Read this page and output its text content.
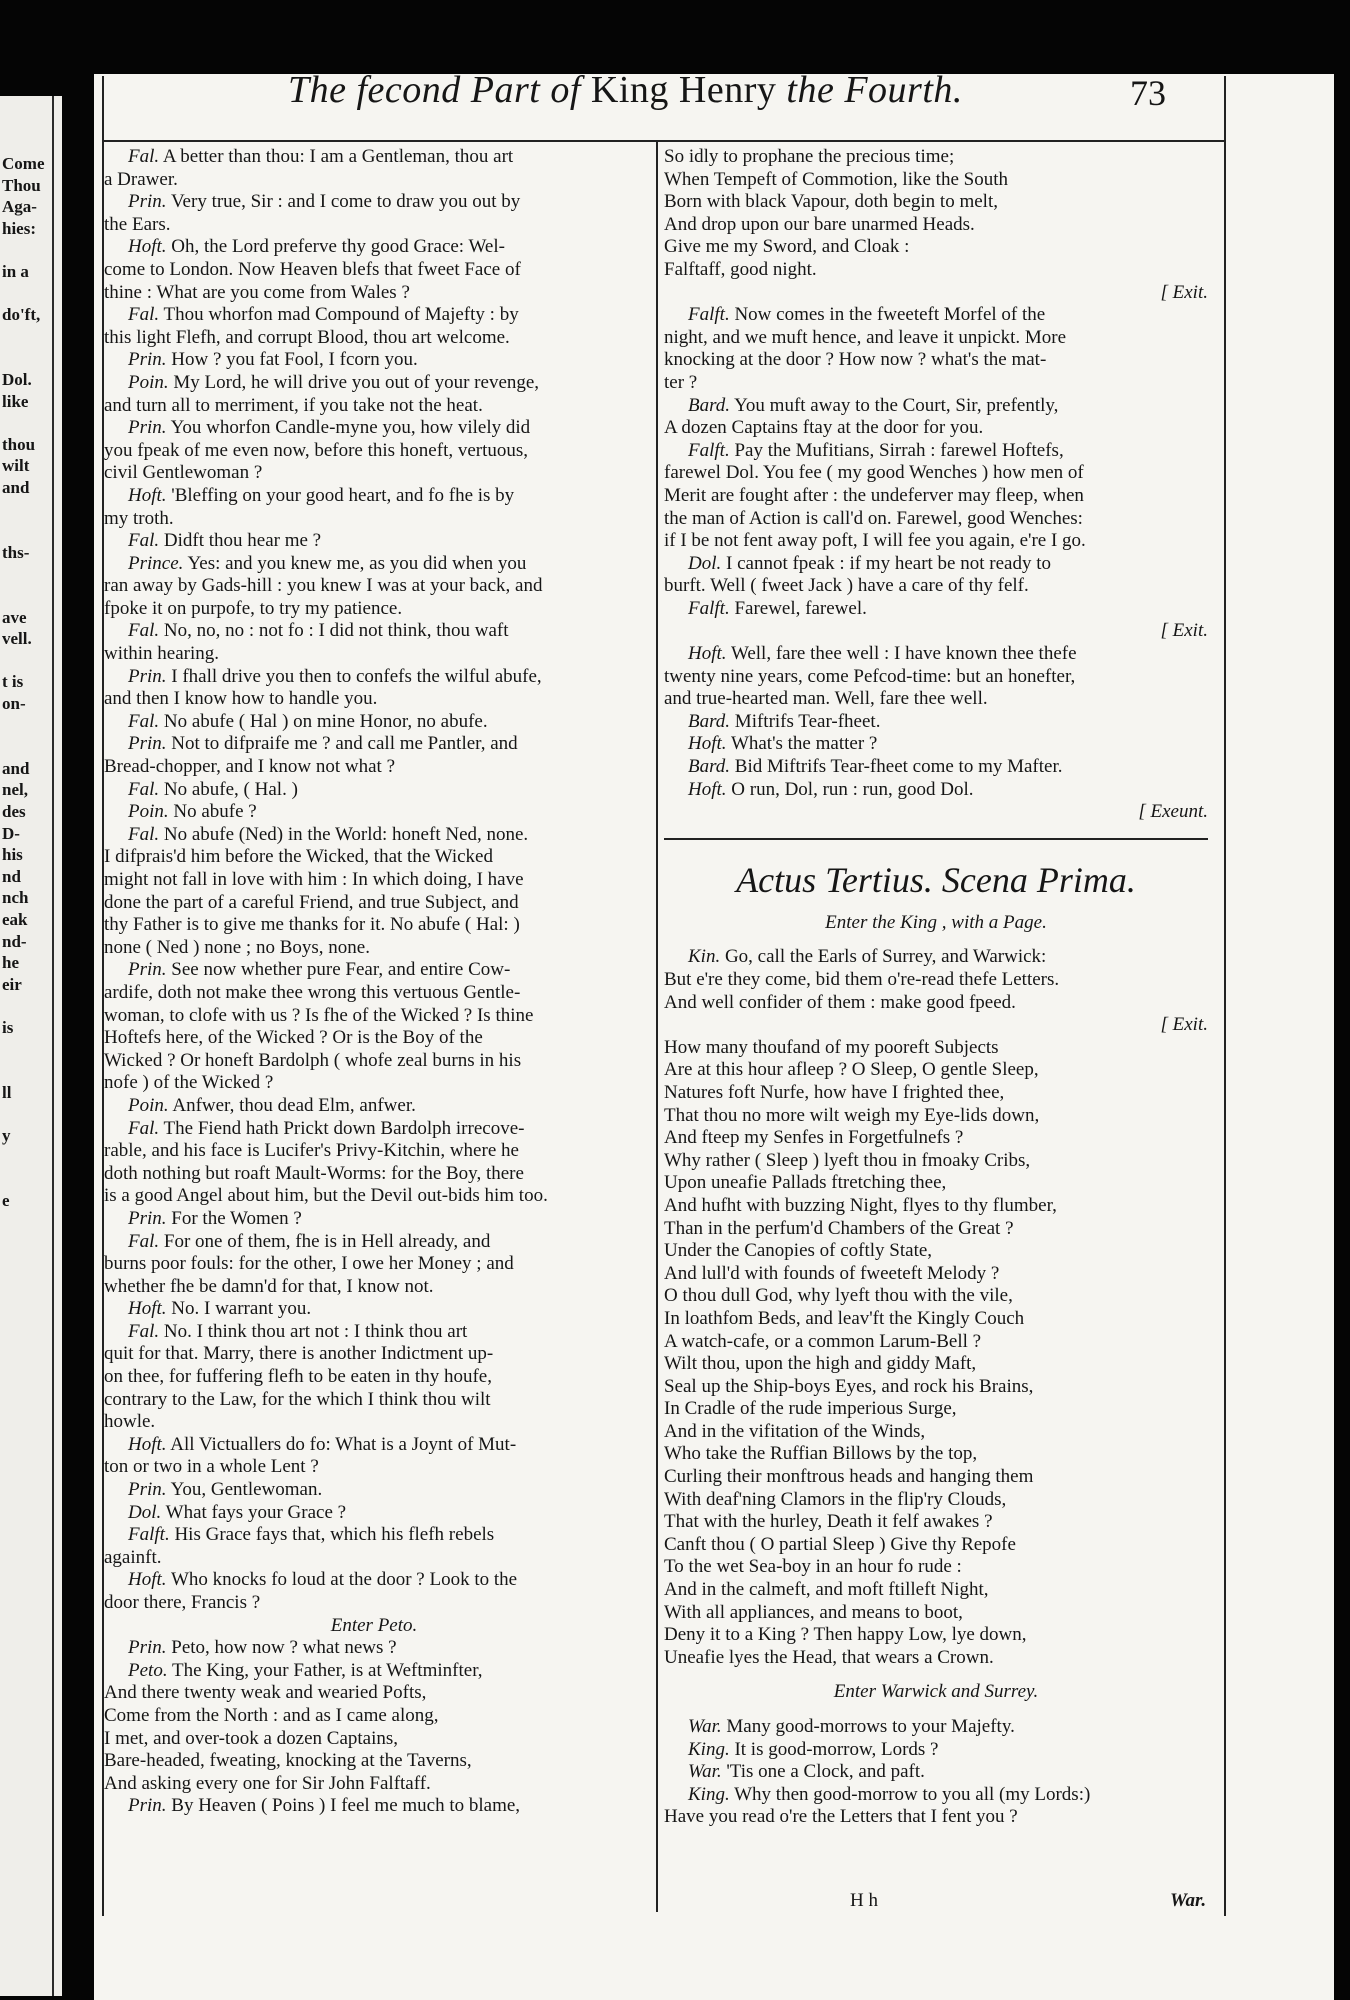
Come
Thou
Aga-
hies:
in a
do'ft,
Dol.
like
thou
wilt
and
ths-
ave
vell.
t is
on-
and
nel,
des
D-
his
nd
nch
eak
nd-
he
eir
is
ll
y
e
The fecond Part of King Henry the Fourth.	73
Fal. A better than thou: I am a Gentleman, thou art
a Drawer.
Prin. Very true, Sir : and I come to draw you out by
the Ears.
Hoft. Oh, the Lord preferve thy good Grace: Wel-
come to London. Now Heaven blefs that fweet Face of
thine : What are you come from Wales ?
Fal. Thou whorfon mad Compound of Majefty : by
this light Flefh, and corrupt Blood, thou art welcome.
Prin. How ? you fat Fool, I fcorn you.
Poin. My Lord, he will drive you out of your revenge,
and turn all to merriment, if you take not the heat.
Prin. You whorfon Candle-myne you, how vilely did
you fpeak of me even now, before this honeft, vertuous,
civil Gentlewoman ?
Hoft. 'Bleffing on your good heart, and fo fhe is by
my troth.
Fal. Didft thou hear me ?
Prince. Yes: and you knew me, as you did when you
ran away by Gads-hill : you knew I was at your back, and
fpoke it on purpofe, to try my patience.
Fal. No, no, no : not fo : I did not think, thou waft
within hearing.
Prin. I fhall drive you then to confefs the wilful abufe,
and then I know how to handle you.
Fal. No abufe ( Hal ) on mine Honor, no abufe.
Prin. Not to difpraife me ? and call me Pantler, and
Bread-chopper, and I know not what ?
Fal. No abufe, ( Hal. )
Poin. No abufe ?
Fal. No abufe (Ned) in the World: honeft Ned, none.
I difprais'd him before the Wicked, that the Wicked
might not fall in love with him : In which doing, I have
done the part of a careful Friend, and true Subject, and
thy Father is to give me thanks for it. No abufe ( Hal: )
none ( Ned ) none ; no Boys, none.
Prin. See now whether pure Fear, and entire Cow-
ardife, doth not make thee wrong this vertuous Gentle-
woman, to clofe with us ? Is fhe of the Wicked ? Is thine
Hoftefs here, of the Wicked ? Or is the Boy of the
Wicked ? Or honeft Bardolph ( whofe zeal burns in his
nofe ) of the Wicked ?
Poin. Anfwer, thou dead Elm, anfwer.
Fal. The Fiend hath Prickt down Bardolph irrecove-
rable, and his face is Lucifer's Privy-Kitchin, where he
doth nothing but roaft Mault-Worms: for the Boy, there
is a good Angel about him, but the Devil out-bids him too.
Prin. For the Women ?
Fal. For one of them, fhe is in Hell already, and
burns poor fouls: for the other, I owe her Money ; and
whether fhe be damn'd for that, I know not.
Hoft. No. I warrant you.
Fal. No. I think thou art not : I think thou art
quit for that. Marry, there is another Indictment up-
on thee, for fuffering flefh to be eaten in thy houfe,
contrary to the Law, for the which I think thou wilt
howle.
Hoft. All Victuallers do fo: What is a Joynt of Mut-
ton or two in a whole Lent ?
Prin. You, Gentlewoman.
Dol. What fays your Grace ?
Falft. His Grace fays that, which his flefh rebels
againft.
Hoft. Who knocks fo loud at the door ? Look to the
door there, Francis ?
Enter Peto.
Prin. Peto, how now ? what news ?
Peto. The King, your Father, is at Weftminfter,
And there twenty weak and wearied Pofts,
Come from the North : and as I came along,
I met, and over-took a dozen Captains,
Bare-headed, fweating, knocking at the Taverns,
And asking every one for Sir John Falftaff.
Prin. By Heaven ( Poins ) I feel me much to blame,
So idly to prophane the precious time;
When Tempeft of Commotion, like the South
Born with black Vapour, doth begin to melt,
And drop upon our bare unarmed Heads.
Give me my Sword, and Cloak :
Falftaff, good night.
[ Exit.
Falft. Now comes in the fweeteft Morfel of the
night, and we muft hence, and leave it unpickt. More
knocking at the door ? How now ? what's the mat-
ter ?
Bard. You muft away to the Court, Sir, prefently,
A dozen Captains ftay at the door for you.
Falft. Pay the Mufitians, Sirrah : farewel Hoftefs,
farewel Dol. You fee ( my good Wenches ) how men of
Merit are fought after : the undeferver may fleep, when
the man of Action is call'd on. Farewel, good Wenches:
if I be not fent away poft, I will fee you again, e're I go.
Dol. I cannot fpeak : if my heart be not ready to
burft. Well ( fweet Jack ) have a care of thy felf.
Falft. Farewel, farewel.
[ Exit.
Hoft. Well, fare thee well : I have known thee thefe
twenty nine years, come Pefcod-time: but an honefter,
and true-hearted man. Well, fare thee well.
Bard. Miftrifs Tear-fheet.
Hoft. What's the matter ?
Bard. Bid Miftrifs Tear-fheet come to my Mafter.
Hoft. O run, Dol, run : run, good Dol.
[ Exeunt.
Actus Tertius. Scena Prima.
Enter the King , with a Page.
Kin. Go, call the Earls of Surrey, and Warwick:
But e're they come, bid them o're-read thefe Letters.
And well confider of them : make good fpeed.
[ Exit.
How many thoufand of my pooreft Subjects
Are at this hour afleep ? O Sleep, O gentle Sleep,
Natures foft Nurfe, how have I frighted thee,
That thou no more wilt weigh my Eye-lids down,
And fteep my Senfes in Forgetfulnefs ?
Why rather ( Sleep ) lyeft thou in fmoaky Cribs,
Upon uneafie Pallads ftretching thee,
And hufht with buzzing Night, flyes to thy flumber,
Than in the perfum'd Chambers of the Great ?
Under the Canopies of coftly State,
And lull'd with founds of fweeteft Melody ?
O thou dull God, why lyeft thou with the vile,
In loathfom Beds, and leav'ft the Kingly Couch
A watch-cafe, or a common Larum-Bell ?
Wilt thou, upon the high and giddy Maft,
Seal up the Ship-boys Eyes, and rock his Brains,
In Cradle of the rude imperious Surge,
And in the vifitation of the Winds,
Who take the Ruffian Billows by the top,
Curling their monftrous heads and hanging them
With deaf'ning Clamors in the flip'ry Clouds,
That with the hurley, Death it felf awakes ?
Canft thou ( O partial Sleep ) Give thy Repofe
To the wet Sea-boy in an hour fo rude :
And in the calmeft, and moft ftilleft Night,
With all appliances, and means to boot,
Deny it to a King ? Then happy Low, lye down,
Uneafie lyes the Head, that wears a Crown.
Enter Warwick and Surrey.
War. Many good-morrows to your Majefty.
King. It is good-morrow, Lords ?
War. 'Tis one a Clock, and paft.
King. Why then good-morrow to you all (my Lords:)
Have you read o're the Letters that I fent you ?
H h	War.
